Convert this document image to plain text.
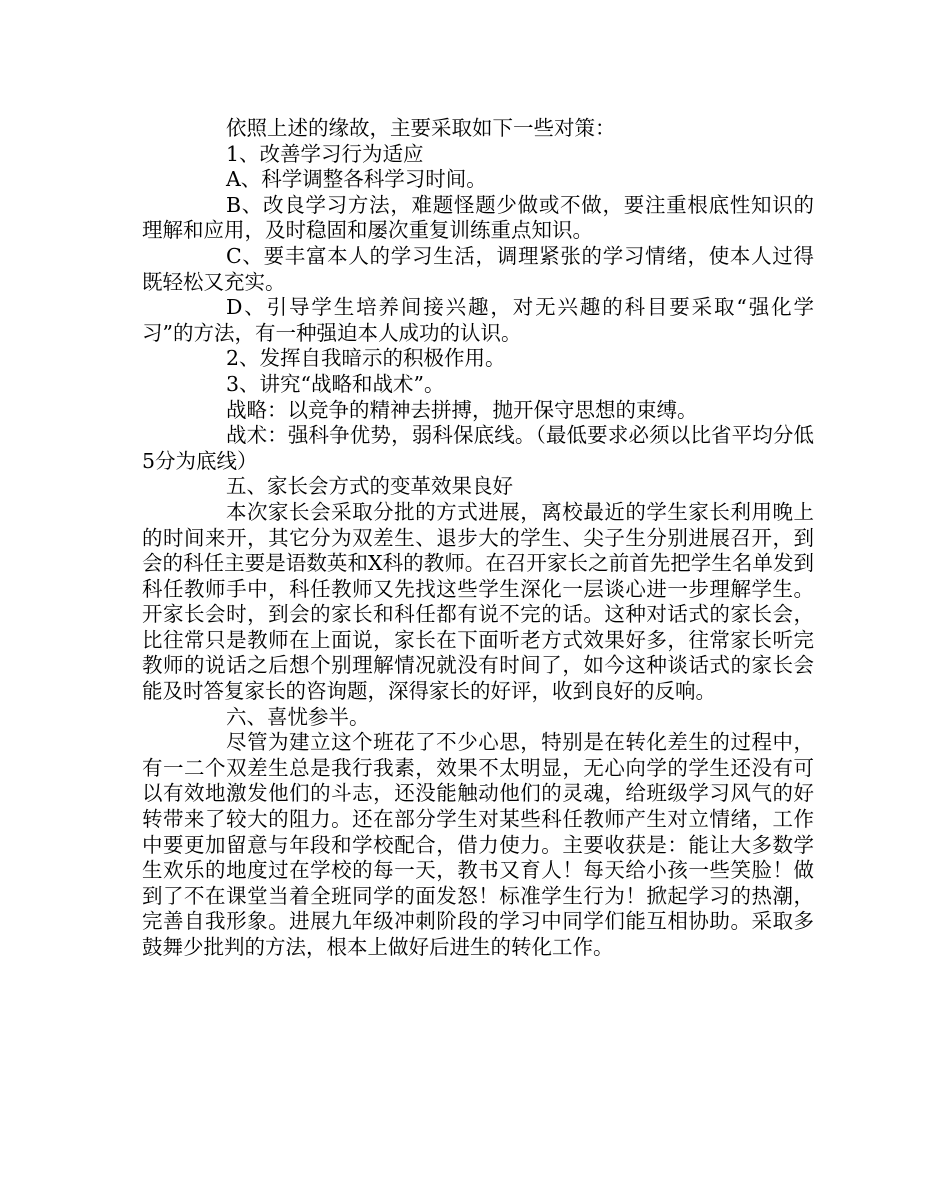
依照上述的缘故，主要采取如下一些对策：

1、改善学习行为适应

A、科学调整各科学习时间。

B、改良学习方法，难题怪题少做或不做，要注重根底性知识的理解和应用，及时稳固和屡次重复训练重点知识。

C、要丰富本人的学习生活，调理紧张的学习情绪，使本人过得既轻松又充实。

D、引导学生培养间接兴趣，对无兴趣的科目要采取“强化学习”的方法，有一种强迫本人成功的认识。

2、发挥自我暗示的积极作用。

3、讲究“战略和战术”。

战略：以竞争的精神去拼搏，抛开保守思想的束缚。

战术：强科争优势，弱科保底线。（最低要求必须以比省平均分低5分为底线）

五、家长会方式的变革效果良好

本次家长会采取分批的方式进展，离校最近的学生家长利用晚上的时间来开，其它分为双差生、退步大的学生、尖子生分别进展召开，到会的科任主要是语数英和X科的教师。在召开家长之前首先把学生名单发到科任教师手中，科任教师又先找这些学生深化一层谈心进一步理解学生。开家长会时，到会的家长和科任都有说不完的话。这种对话式的家长会，比往常只是教师在上面说，家长在下面听老方式效果好多，往常家长听完教师的说话之后想个别理解情况就没有时间了，如今这种谈话式的家长会能及时答复家长的咨询题，深得家长的好评，收到良好的反响。

六、喜忧参半。

尽管为建立这个班花了不少心思，特别是在转化差生的过程中，有一二个双差生总是我行我素，效果不太明显，无心向学的学生还没有可以有效地激发他们的斗志，还没能触动他们的灵魂，给班级学习风气的好转带来了较大的阻力。还在部分学生对某些科任教师产生对立情绪，工作中要更加留意与年段和学校配合，借力使力。主要收获是：能让大多数学生欢乐的地度过在学校的每一天，教书又育人！每天给小孩一些笑脸！做到了不在课堂当着全班同学的面发怒！标准学生行为！掀起学习的热潮，完善自我形象。进展九年级冲刺阶段的学习中同学们能互相协助。采取多鼓舞少批判的方法，根本上做好后进生的转化工作。
